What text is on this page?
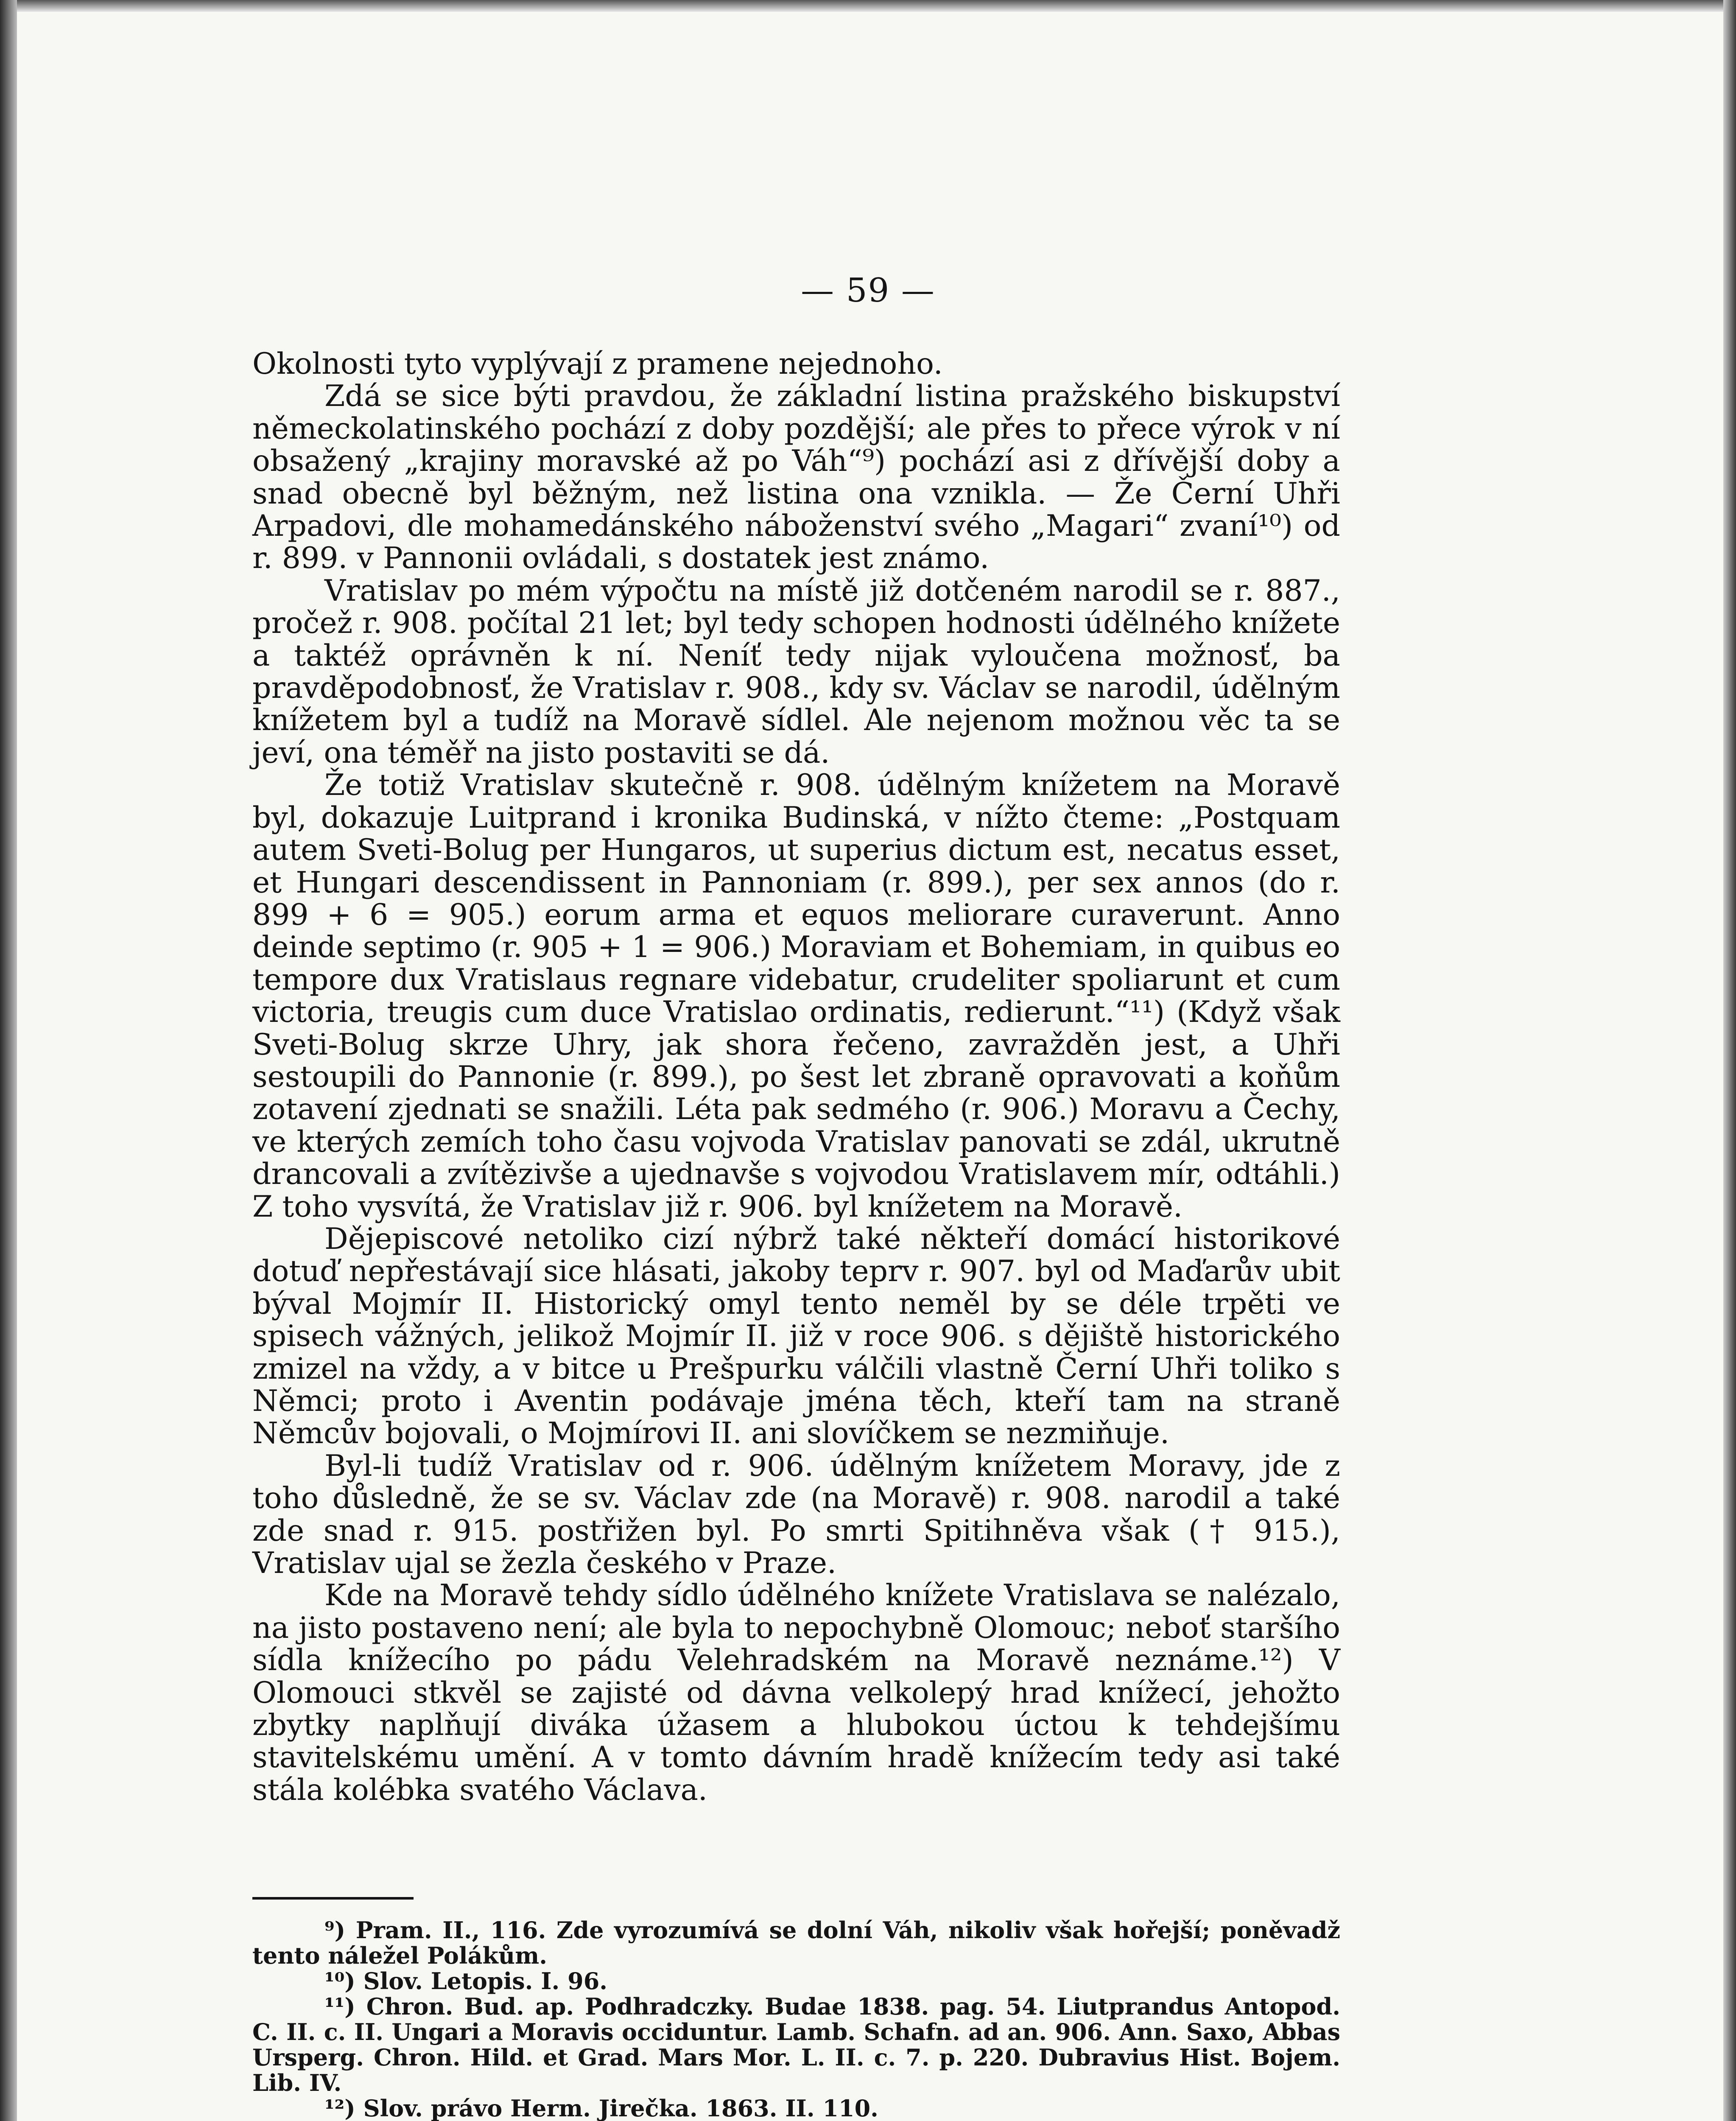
— 59 —

Okolnosti tyto vyplývají z pramene nejednoho.

Zdá se sice býti pravdou, že základní listina pražského biskupství německolatinského pochází z doby pozdější; ale přes to přece výrok v ní obsažený „krajiny moravské až po Váh“⁹) pochází asi z dřívější doby a snad obecně byl běžným, než listina ona vznikla. — Že Černí Uhři Arpadovi, dle mohamedánského náboženství svého „Magari“ zvaní¹⁰) od r. 899. v Pannonii ovládali, s dostatek jest známo.

Vratislav po mém výpočtu na místě již dotčeném narodil se r. 887., pročež r. 908. počítal 21 let; byl tedy schopen hodnosti údělného knížete a taktéž oprávněn k ní. Neníť tedy nijak vyloučena možnosť, ba pravděpodobnosť, že Vratislav r. 908., kdy sv. Václav se narodil, údělným knížetem byl a tudíž na Moravě sídlel. Ale nejenom možnou věc ta se jeví, ona téměř na jisto postaviti se dá.

Že totiž Vratislav skutečně r. 908. údělným knížetem na Moravě byl, dokazuje Luitprand i kronika Budinská, v nížto čteme: „Postquam autem Sveti-Bolug per Hungaros, ut superius dictum est, necatus esset, et Hungari descendissent in Pannoniam (r. 899.), per sex annos (do r. 899 + 6 = 905.) eorum arma et equos meliorare curaverunt. Anno deinde septimo (r. 905 + 1 = 906.) Moraviam et Bohemiam, in quibus eo tempore dux Vratislaus regnare videbatur, crudeliter spoliarunt et cum victoria, treugis cum duce Vratislao ordinatis, redierunt.“¹¹) (Když však Sveti-Bolug skrze Uhry, jak shora řečeno, zavražděn jest, a Uhři sestoupili do Pannonie (r. 899.), po šest let zbraně opravovati a koňům zotavení zjednati se snažili. Léta pak sedmého (r. 906.) Moravu a Čechy, ve kterých zemích toho času vojvoda Vratislav panovati se zdál, ukrutně drancovali a zvítězivše a ujednavše s vojvodou Vratislavem mír, odtáhli.) Z toho vysvítá, že Vratislav již r. 906. byl knížetem na Moravě.

Dějepiscové netoliko cizí nýbrž také někteří domácí historikové dotuď nepřestávají sice hlásati, jakoby teprv r. 907. byl od Maďarův ubit býval Mojmír II. Historický omyl tento neměl by se déle trpěti ve spisech vážných, jelikož Mojmír II. již v roce 906. s dějiště historického zmizel na vždy, a v bitce u Prešpurku válčili vlastně Černí Uhři toliko s Němci; proto i Aventin podávaje jména těch, kteří tam na straně Němcův bojovali, o Mojmírovi II. ani slovíčkem se nezmiňuje.

Byl-li tudíž Vratislav od r. 906. údělným knížetem Moravy, jde z toho důsledně, že se sv. Václav zde (na Moravě) r. 908. narodil a také zde snad r. 915. postřižen byl. Po smrti Spitihněva však († 915.), Vratislav ujal se žezla českého v Praze.

Kde na Moravě tehdy sídlo údělného knížete Vratislava se nalézalo, na jisto postaveno není; ale byla to nepochybně Olomouc; neboť staršího sídla knížecího po pádu Velehradském na Moravě neznáme.¹²) V Olomouci stkvěl se zajisté od dávna velkolepý hrad knížecí, jehožto zbytky naplňují diváka úžasem a hlubokou úctou k tehdejšímu stavitelskému umění. A v tomto dávním hradě knížecím tedy asi také stála kolébka svatého Václava.

⁹) Pram. II., 116. Zde vyrozumívá se dolní Váh, nikoliv však hořejší; poněvadž tento náležel Polákům.

¹⁰) Slov. Letopis. I. 96.

¹¹) Chron. Bud. ap. Podhradczky. Budae 1838. pag. 54. Liutprandus Antopod. C. II. c. II. Ungari a Moravis occiduntur. Lamb. Schafn. ad an. 906. Ann. Saxo, Abbas Ursperg. Chron. Hild. et Grad. Mars Mor. L. II. c. 7. p. 220. Dubravius Hist. Bojem. Lib. IV.

¹²) Slov. právo Herm. Jirečka. 1863. II. 110.
